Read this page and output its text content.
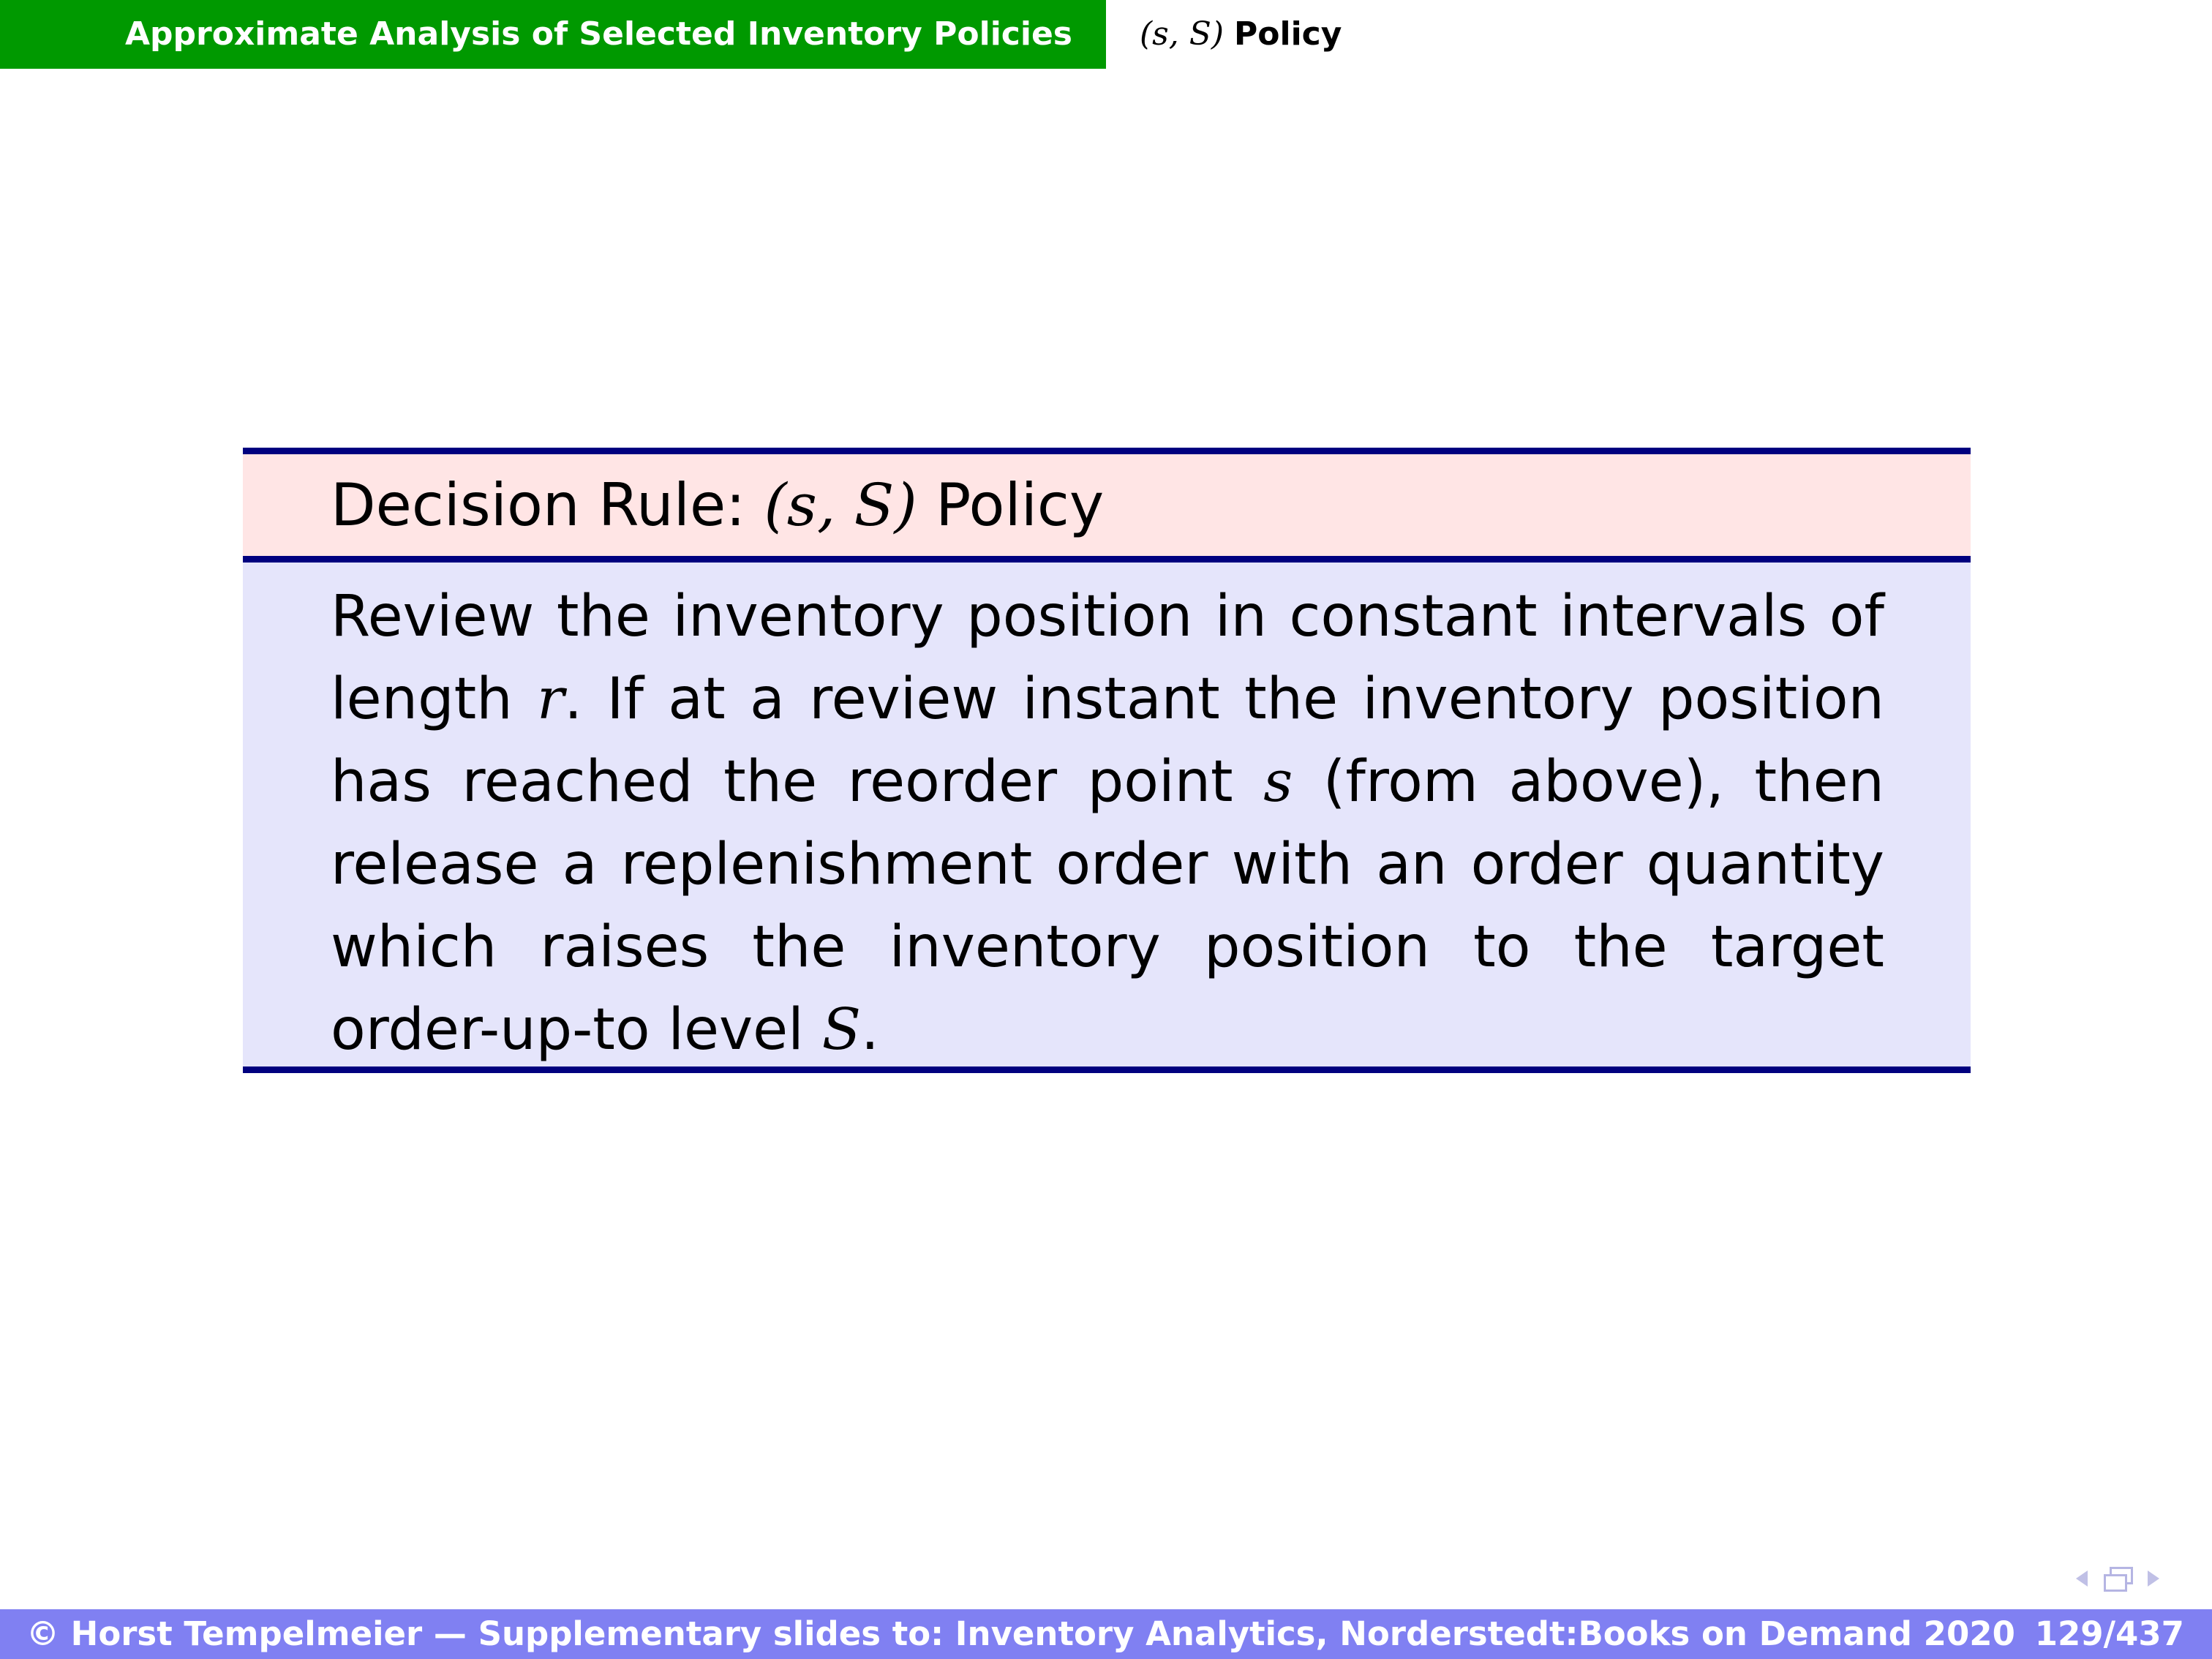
Approximate Analysis of Selected Inventory Policies	(s, S) Policy
Decision Rule: (s, S) Policy
Review the inventory position in constant intervals of length r. If at a review instant the inventory position has reached the reorder point s (from above), then release a replenishment order with an order quantity which raises the inventory position to the target order-up-to level S.
© Horst Tempelmeier — Supplementary slides to: Inventory Analytics, Norderstedt:Books on Demand 2020 129/437
